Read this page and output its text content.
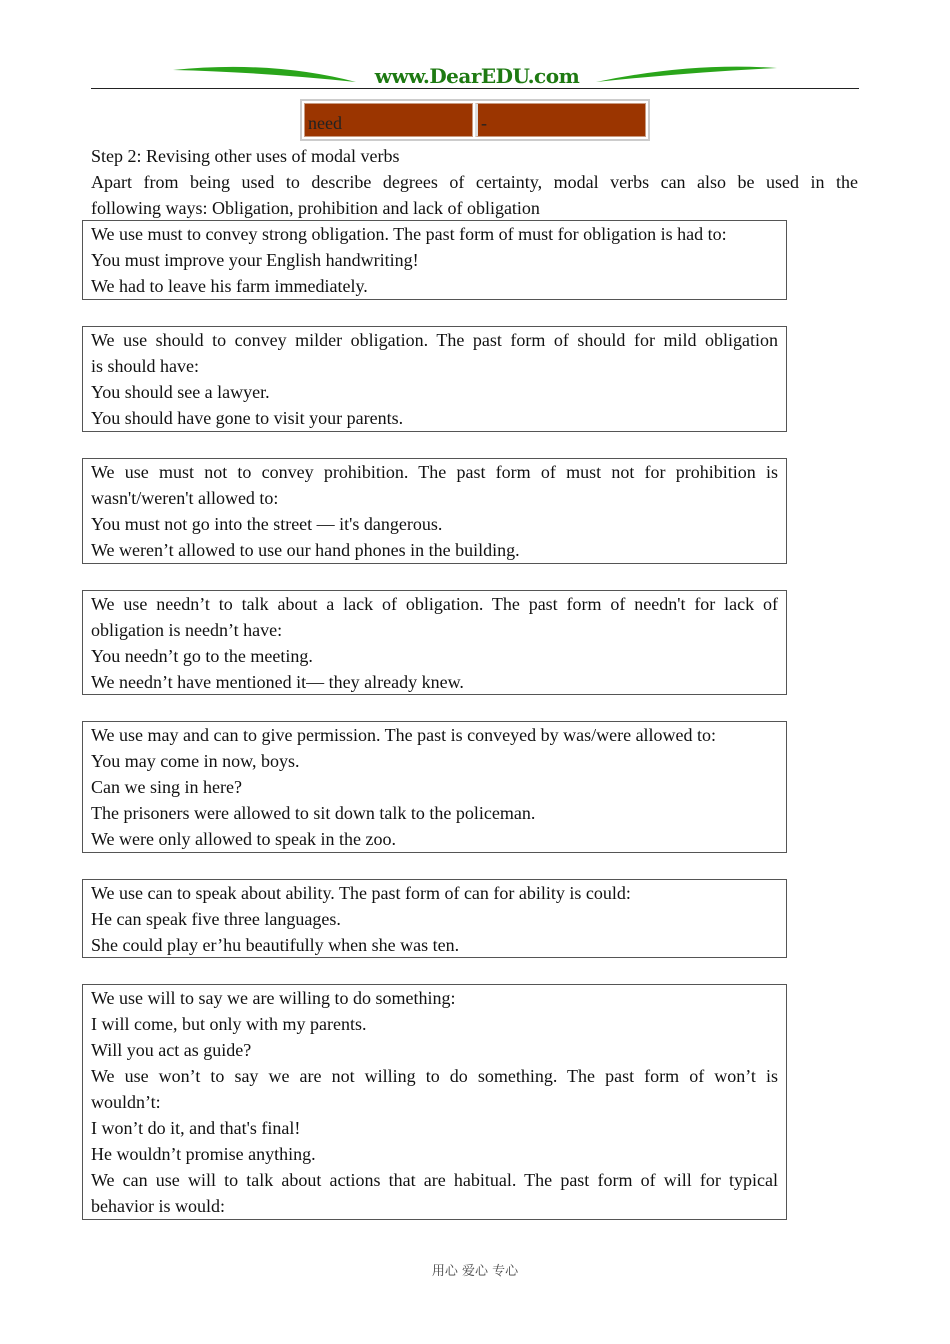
www.DearEDU.com
need	-
Step 2: Revising other uses of modal verbs
Apart from being used to describe degrees of certainty, modal verbs can also be used in the
following ways: Obligation, prohibition and lack of obligation
We use must to convey strong obligation. The past form of must for obligation is had to:
You must improve your English handwriting!
We had to leave his farm immediately.
We use should to convey milder obligation. The past form of should for mild obligation
is should have:
You should see a lawyer.
You should have gone to visit your parents.
We use must not to convey prohibition. The past form of must not for prohibition is
wasn't/weren't allowed to:
You must not go into the street — it's dangerous.
We weren’t allowed to use our hand phones in the building.
We use needn’t to talk about a lack of obligation. The past form of needn't for lack of
obligation is needn’t have:
You needn’t go to the meeting.
We needn’t have mentioned it— they already knew.
We use may and can to give permission. The past is conveyed by was/were allowed to:
You may come in now, boys.
Can we sing in here?
The prisoners were allowed to sit down talk to the policeman.
We were only allowed to speak in the zoo.
We use can to speak about ability. The past form of can for ability is could:
He can speak five three languages.
She could play er’hu beautifully when she was ten.
We use will to say we are willing to do something:
I will come, but only with my parents.
Will you act as guide?
We use won’t to say we are not willing to do something. The past form of won’t is
wouldn’t:
I won’t do it, and that's final!
He wouldn’t promise anything.
We can use will to talk about actions that are habitual. The past form of will for typical
behavior is would:
用心 爱心 专心
